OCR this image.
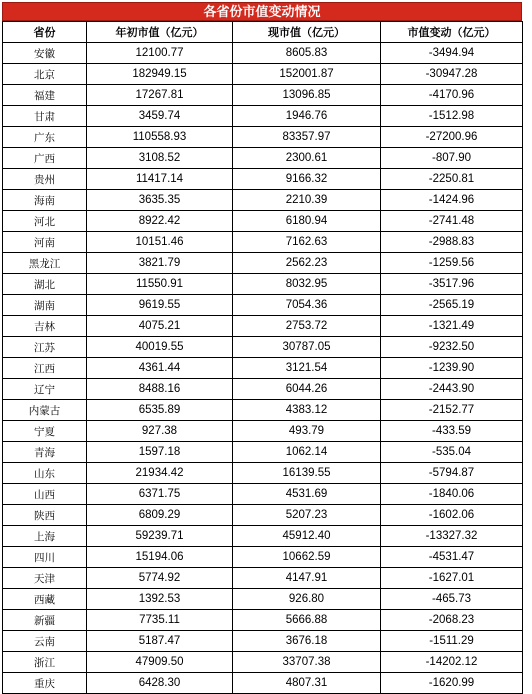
各省份市值变动情况
省份	年初市值（亿元）	现市值（亿元）	市值变动（亿元）
安徽	12100.77	8605.83	-3494.94
北京	182949.15	152001.87	-30947.28
福建	17267.81	13096.85	-4170.96
甘肃	3459.74	1946.76	-1512.98
广东	110558.93	83357.97	-27200.96
广西	3108.52	2300.61	-807.90
贵州	11417.14	9166.32	-2250.81
海南	3635.35	2210.39	-1424.96
河北	8922.42	6180.94	-2741.48
河南	10151.46	7162.63	-2988.83
黑龙江	3821.79	2562.23	-1259.56
湖北	11550.91	8032.95	-3517.96
湖南	9619.55	7054.36	-2565.19
吉林	4075.21	2753.72	-1321.49
江苏	40019.55	30787.05	-9232.50
江西	4361.44	3121.54	-1239.90
辽宁	8488.16	6044.26	-2443.90
内蒙古	6535.89	4383.12	-2152.77
宁夏	927.38	493.79	-433.59
青海	1597.18	1062.14	-535.04
山东	21934.42	16139.55	-5794.87
山西	6371.75	4531.69	-1840.06
陕西	6809.29	5207.23	-1602.06
上海	59239.71	45912.40	-13327.32
四川	15194.06	10662.59	-4531.47
天津	5774.92	4147.91	-1627.01
西藏	1392.53	926.80	-465.73
新疆	7735.11	5666.88	-2068.23
云南	5187.47	3676.18	-1511.29
浙江	47909.50	33707.38	-14202.12
重庆	6428.30	4807.31	-1620.99
